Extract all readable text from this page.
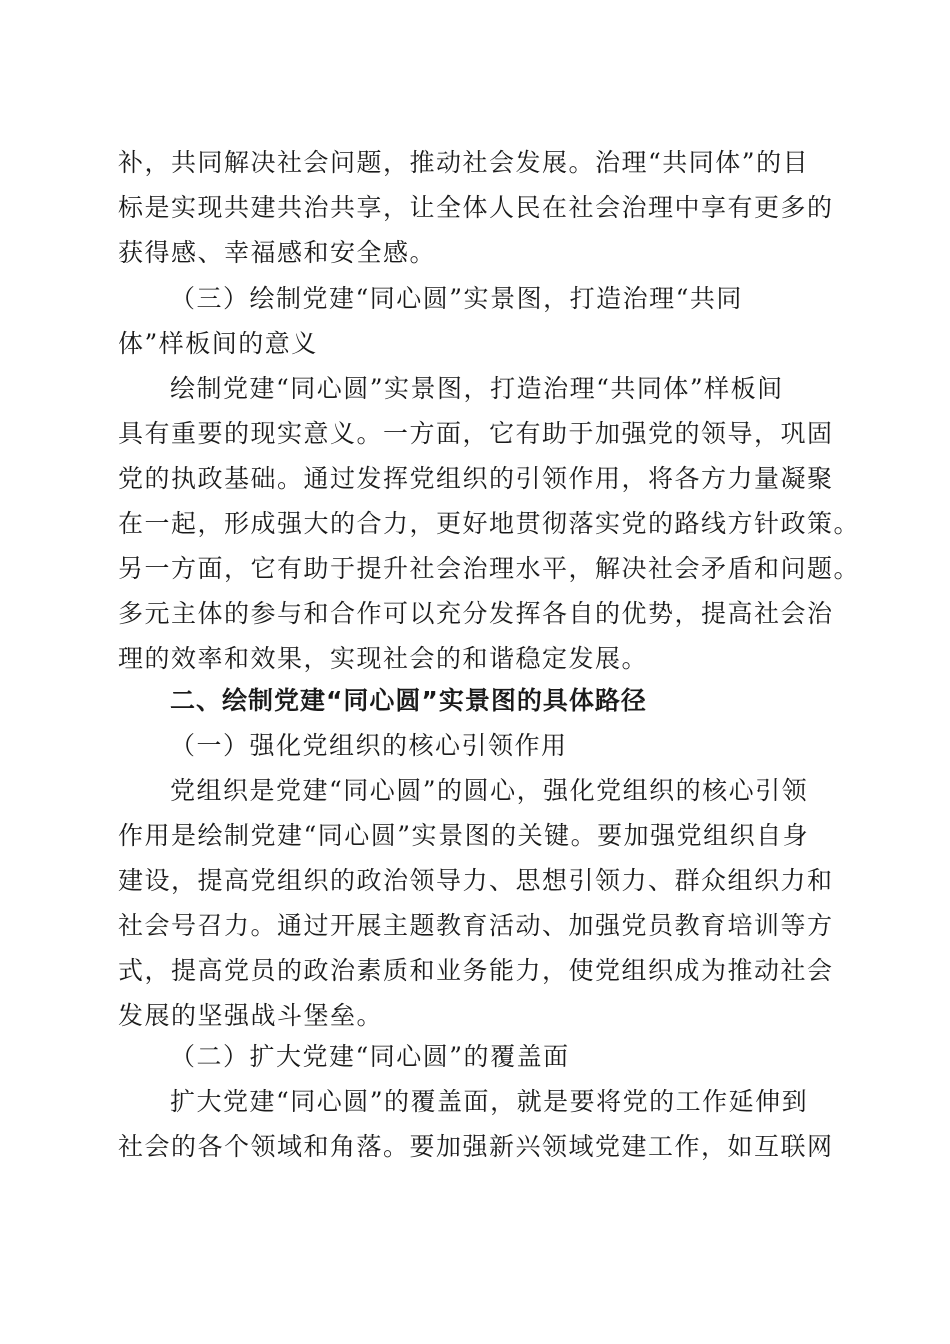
补，共同解决社会问题，推动社会发展。治理“共同体”的目
标是实现共建共治共享，让全体人民在社会治理中享有更多的
获得感、幸福感和安全感。
（三）绘制党建“同心圆”实景图，打造治理“共同
体”样板间的意义
绘制党建“同心圆”实景图，打造治理“共同体”样板间
具有重要的现实意义。一方面，它有助于加强党的领导，巩固
党的执政基础。通过发挥党组织的引领作用，将各方力量凝聚
在一起，形成强大的合力，更好地贯彻落实党的路线方针政策。
另一方面，它有助于提升社会治理水平，解决社会矛盾和问题。
多元主体的参与和合作可以充分发挥各自的优势，提高社会治
理的效率和效果，实现社会的和谐稳定发展。
二、绘制党建“同心圆”实景图的具体路径
（一）强化党组织的核心引领作用
党组织是党建“同心圆”的圆心，强化党组织的核心引领
作用是绘制党建“同心圆”实景图的关键。要加强党组织自身
建设，提高党组织的政治领导力、思想引领力、群众组织力和
社会号召力。通过开展主题教育活动、加强党员教育培训等方
式，提高党员的政治素质和业务能力，使党组织成为推动社会
发展的坚强战斗堡垒。
（二）扩大党建“同心圆”的覆盖面
扩大党建“同心圆”的覆盖面，就是要将党的工作延伸到
社会的各个领域和角落。要加强新兴领域党建工作，如互联网
